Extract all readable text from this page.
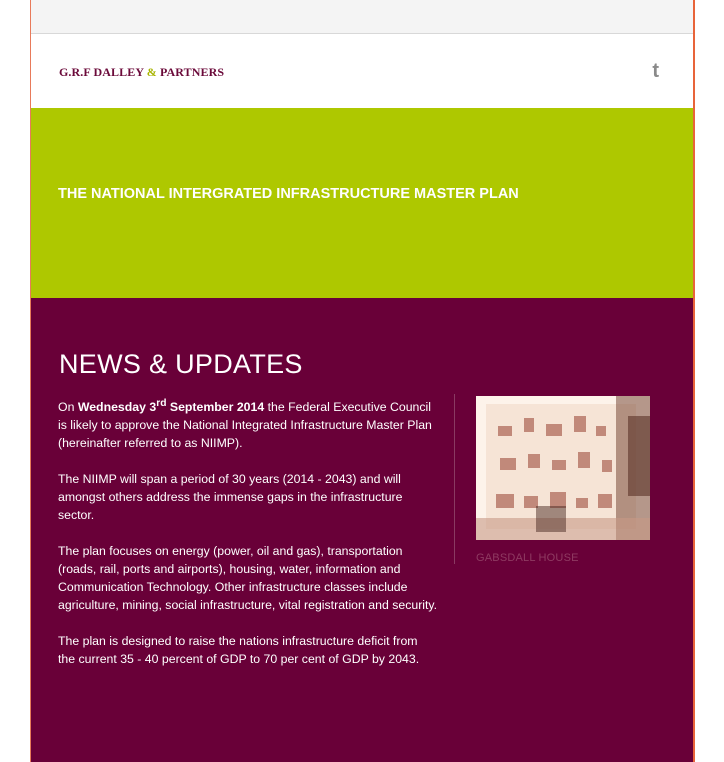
G.R.F DALLEY & PARTNERS	t
THE NATIONAL INTERGRATED INFRASTRUCTURE MASTER PLAN
NEWS & UPDATES

On Wednesday 3rd September 2014 the Federal Executive Council is likely to approve the National Integrated Infrastructure Master Plan (hereinafter referred to as NIIMP).

The NIIMP will span a period of 30 years (2014 - 2043) and will amongst others address the immense gaps in the infrastructure sector.

The plan focuses on energy (power, oil and gas), transportation (roads, rail, ports and airports), housing, water, information and Communication Technology. Other infrastructure classes include agriculture, mining, social infrastructure, vital registration and security.

The plan is designed to raise the nations infrastructure deficit from the current 35 - 40 percent of GDP to 70 per cent of GDP by 2043.

GABSDALL HOUSE
